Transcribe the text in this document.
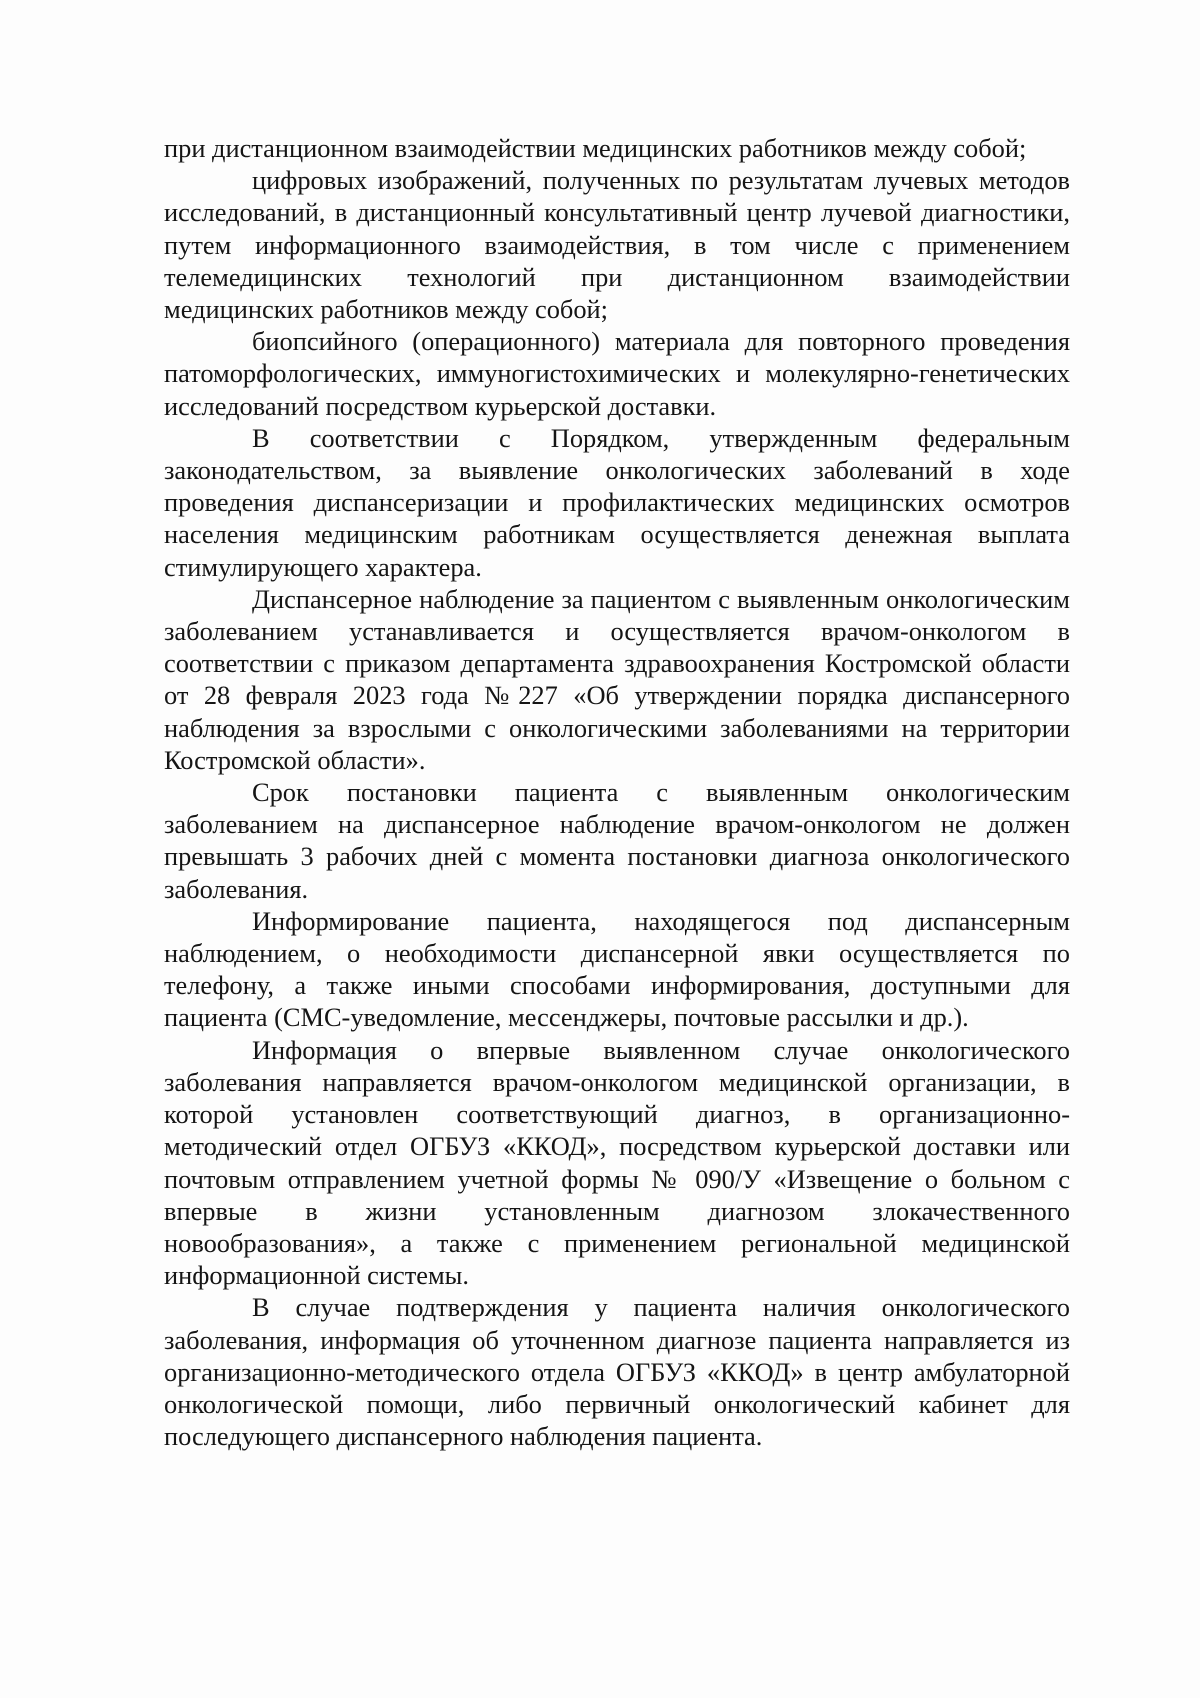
при дистанционном взаимодействии медицинских работников между собой;

цифровых изображений, полученных по результатам лучевых методов исследований, в дистанционный консультативный центр лучевой диагностики, путем информационного взаимодействия, в том числе с применением телемедицинских технологий при дистанционном взаимодействии медицинских работников между собой;

биопсийного (операционного) материала для повторного проведения патоморфологических, иммуногистохимических и молекулярно-генетических исследований посредством курьерской доставки.

В соответствии с Порядком, утвержденным федеральным законодательством, за выявление онкологических заболеваний в ходе проведения диспансеризации и профилактических медицинских осмотров населения медицинским работникам осуществляется денежная выплата стимулирующего характера.

Диспансерное наблюдение за пациентом с выявленным онкологическим заболеванием устанавливается и осуществляется врачом-онкологом в соответствии с приказом департамента здравоохранения Костромской области от 28 февраля 2023 года №227 «Об утверждении порядка диспансерного наблюдения за взрослыми с онкологическими заболеваниями на территории Костромской области».

Срок постановки пациента с выявленным онкологическим заболеванием на диспансерное наблюдение врачом-онкологом не должен превышать 3 рабочих дней с момента постановки диагноза онкологического заболевания.

Информирование пациента, находящегося под диспансерным наблюдением, о необходимости диспансерной явки осуществляется по телефону, а также иными способами информирования, доступными для пациента (СМС-уведомление, мессенджеры, почтовые рассылки и др.).

Информация о впервые выявленном случае онкологического заболевания направляется врачом-онкологом медицинской организации, в которой установлен соответствующий диагноз, в организационно-методический отдел ОГБУЗ «ККОД», посредством курьерской доставки или почтовым отправлением учетной формы № 090/У «Извещение о больном с впервые в жизни установленным диагнозом злокачественного новообразования», а также с применением региональной медицинской информационной системы.

В случае подтверждения у пациента наличия онкологического заболевания, информация об уточненном диагнозе пациента направляется из организационно-методического отдела ОГБУЗ «ККОД» в центр амбулаторной онкологической помощи, либо первичный онкологический кабинет для последующего диспансерного наблюдения пациента.
